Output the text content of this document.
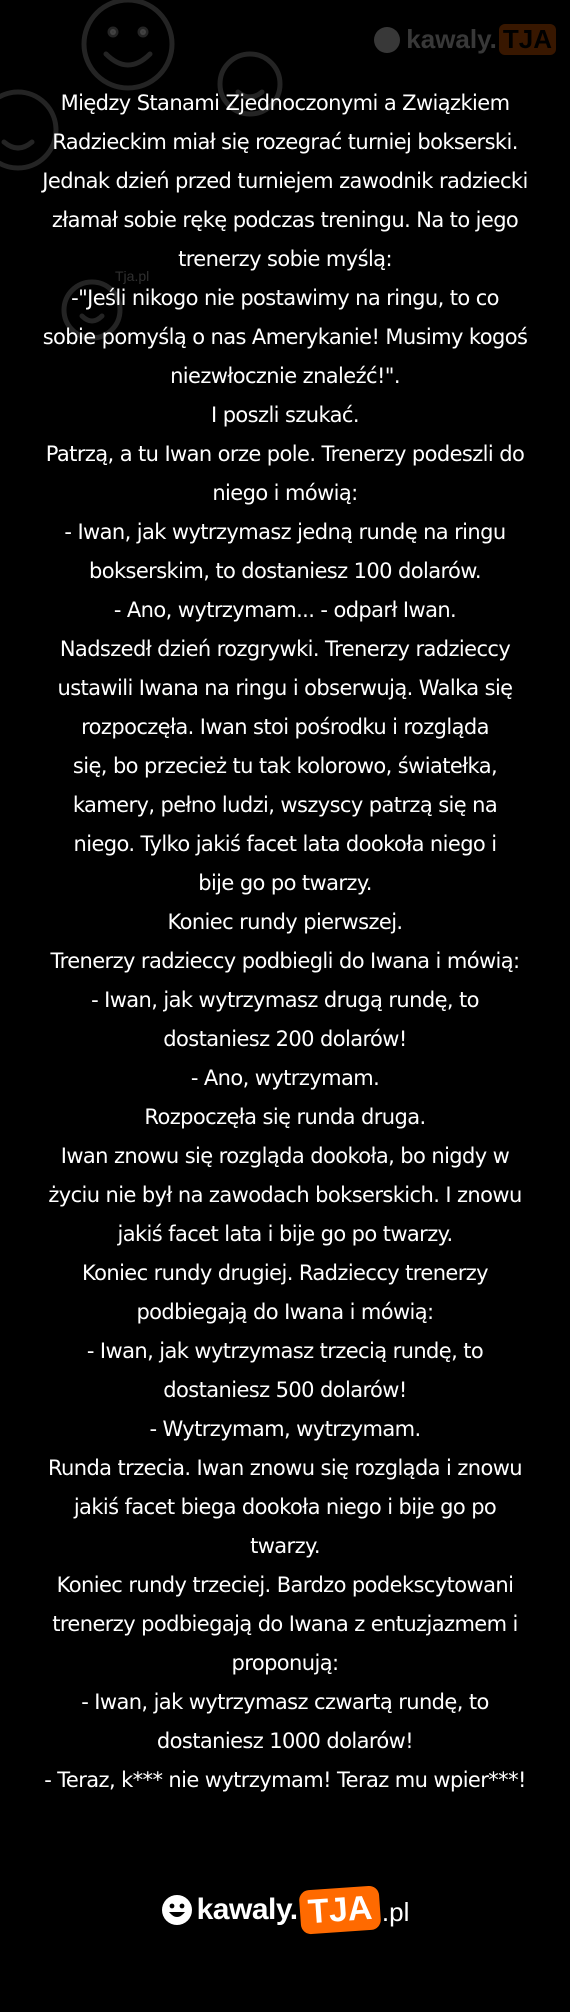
kawaly. TJA
Tja.pl
Między Stanami Zjednoczonymi a Związkiem
Radzieckim miał się rozegrać turniej bokserski.
Jednak dzień przed turniejem zawodnik radziecki
złamał sobie rękę podczas treningu. Na to jego
trenerzy sobie myślą:
-"Jeśli nikogo nie postawimy na ringu, to co
sobie pomyślą o nas Amerykanie! Musimy kogoś
niezwłocznie znaleźć!".
I poszli szukać.
Patrzą, a tu Iwan orze pole. Trenerzy podeszli do
niego i mówią:
- Iwan, jak wytrzymasz jedną rundę na ringu
bokserskim, to dostaniesz 100 dolarów.
- Ano, wytrzymam... - odparł Iwan.
Nadszedł dzień rozgrywki. Trenerzy radzieccy
ustawili Iwana na ringu i obserwują. Walka się
rozpoczęła. Iwan stoi pośrodku i rozgląda
się, bo przecież tu tak kolorowo, światełka,
kamery, pełno ludzi, wszyscy patrzą się na
niego. Tylko jakiś facet lata dookoła niego i
bije go po twarzy.
Koniec rundy pierwszej.
Trenerzy radzieccy podbiegli do Iwana i mówią:
- Iwan, jak wytrzymasz drugą rundę, to
dostaniesz 200 dolarów!
- Ano, wytrzymam.
Rozpoczęła się runda druga.
Iwan znowu się rozgląda dookoła, bo nigdy w
życiu nie był na zawodach bokserskich. I znowu
jakiś facet lata i bije go po twarzy.
Koniec rundy drugiej. Radzieccy trenerzy
podbiegają do Iwana i mówią:
- Iwan, jak wytrzymasz trzecią rundę, to
dostaniesz 500 dolarów!
- Wytrzymam, wytrzymam.
Runda trzecia. Iwan znowu się rozgląda i znowu
jakiś facet biega dookoła niego i bije go po
twarzy.
Koniec rundy trzeciej. Bardzo podekscytowani
trenerzy podbiegają do Iwana z entuzjazmem i
proponują:
- Iwan, jak wytrzymasz czwartą rundę, to
dostaniesz 1000 dolarów!
- Teraz, k*** nie wytrzymam! Teraz mu wpier***!
kawaly. TJA .pl
